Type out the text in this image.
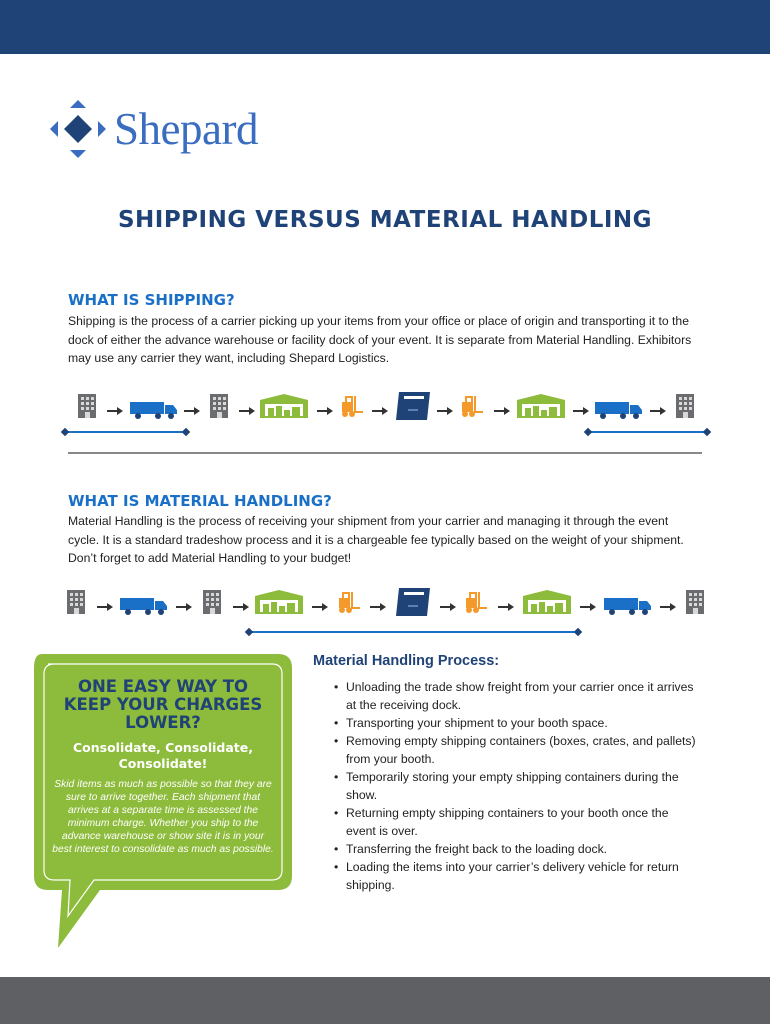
Shepard
SHIPPING VERSUS MATERIAL HANDLING
WHAT IS SHIPPING?

Shipping is the process of a carrier picking up your items from your office or place of origin and transporting it to the dock of either the advance warehouse or facility dock of your event. It is separate from Material Handling. Exhibitors may use any carrier they want, including Shepard Logistics.

WHAT IS MATERIAL HANDLING?

Material Handling is the process of receiving your shipment from your carrier and managing it through the event cycle. It is a standard tradeshow process and it is a chargeable fee typically based on the weight of your shipment. Don’t forget to add Material Handling to your budget!

ONE EASY WAY TO KEEP YOUR CHARGES LOWER?

Consolidate, Consolidate, Consolidate!

Skid items as much as possible so that they are sure to arrive together. Each shipment that arrives at a separate time is assessed the minimum charge. Whether you ship to the advance warehouse or show site it is in your best interest to consolidate as much as possible.

Material Handling Process:
• Unloading the trade show freight from your carrier once it arrives at the receiving dock.
• Transporting your shipment to your booth space.
• Removing empty shipping containers (boxes, crates, and pallets) from your booth.
• Temporarily storing your empty shipping containers during the show.
• Returning empty shipping containers to your booth once the event is over.
• Transferring the freight back to the loading dock.
• Loading the items into your carrier’s delivery vehicle for return shipping.
